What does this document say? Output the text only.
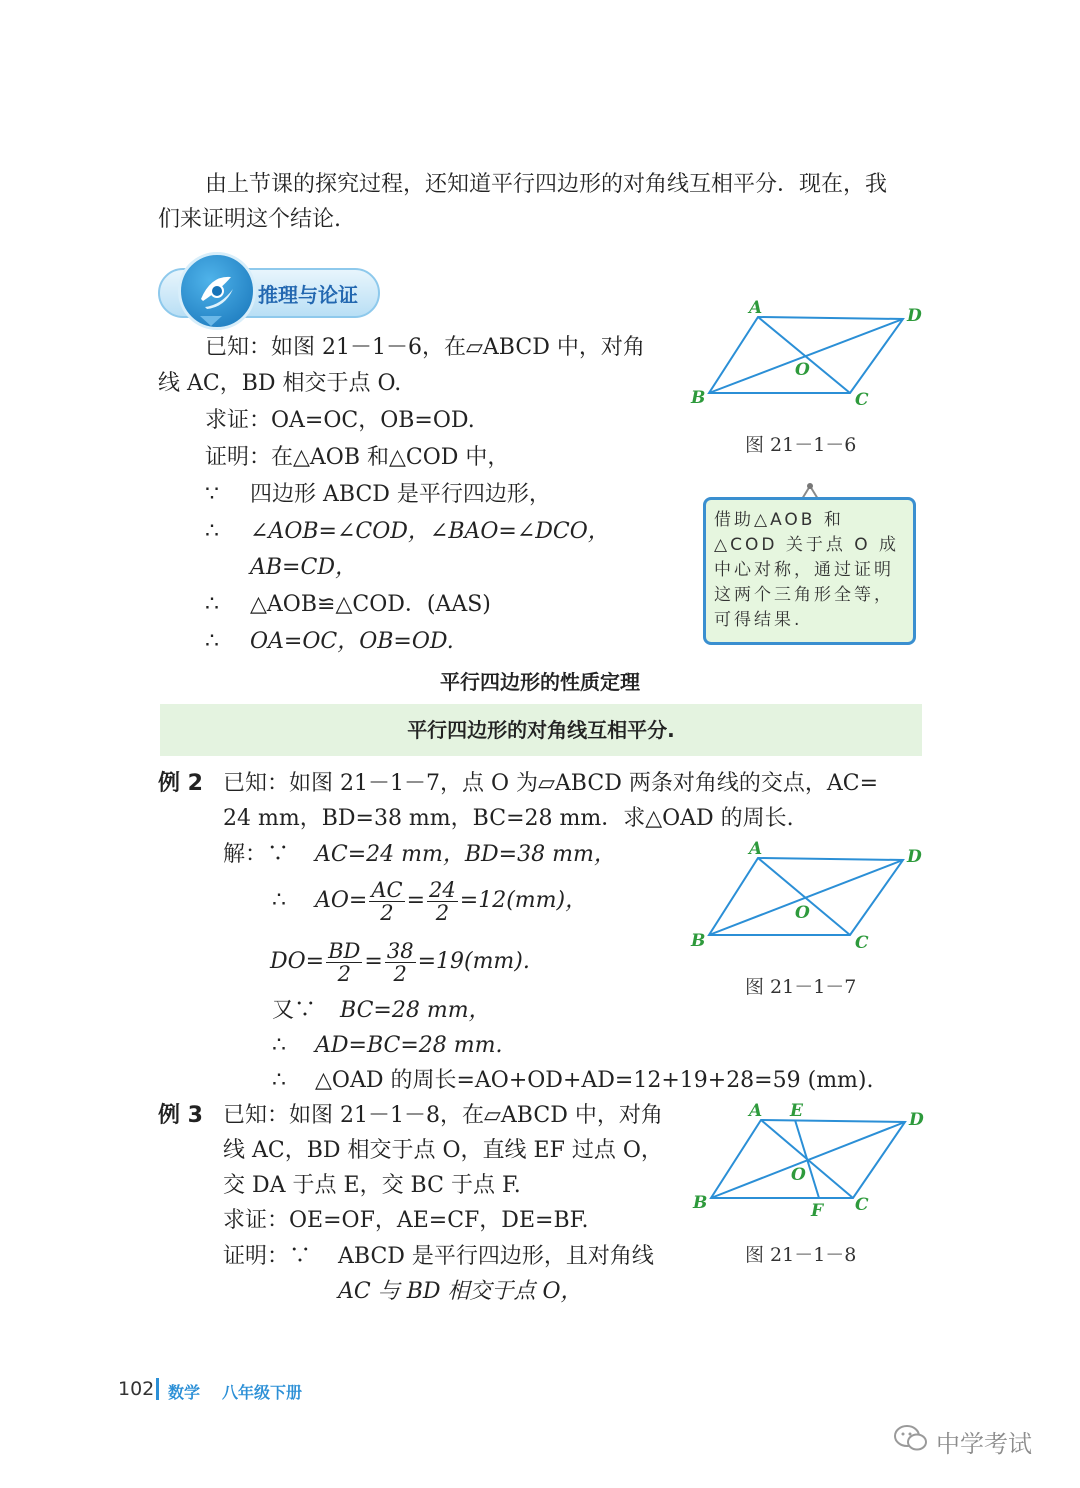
由上节课的探究过程，还知道平行四边形的对角线互相平分．现在，我
们来证明这个结论.
推理与论证
已知：如图 21－1－6，在▱ABCD 中，对角
线 AC，BD 相交于点 O.
求证：OA=OC，OB=OD.
证明：在△AOB 和△COD 中，
∵ 四边形 ABCD 是平行四边形，
∴ ∠AOB=∠COD，∠BAO=∠DCO，
AB=CD，
∴ △AOB≌△COD．(AAS)
∴ OA=OC，OB=OD.
A	D
B	C
O
图 21－1－6

借助△AOB 和△COD 关于点 O 成中心对称，通过证明这两个三角形全等，可得结果.

平行四边形的性质定理
平行四边形的对角线互相平分.
例 2 已知：如图 21－1－7，点 O 为▱ABCD 两条对角线的交点，AC=
24 mm，BD=38 mm，BC=28 mm．求△OAD 的周长.
解：∵ AC=24 mm，BD=38 mm，
∴ $AO= \frac{AC}{2} = \frac{24}{2} =12(mm)$，
$DO= \frac{BD}{2} = \frac{38}{2} =19(mm)$.
又∵ BC=28 mm，
∴ AD=BC=28 mm.
∴ △OAD 的周长=AO+OD+AD=12+19+28=59 (mm).
A	D
B	C
O
图 21－1－7
例 3 已知：如图 21－1－8，在▱ABCD 中，对角
线 AC，BD 相交于点 O，直线 EF 过点 O，
交 DA 于点 E，交 BC 于点 F.
求证：OE=OF，AE=CF，DE=BF.
证明：∵ ABCD 是平行四边形，且对角线
AC 与 BD 相交于点 O，
A E	D
B	F C
O
图 21－1－8
102 数学 八年级下册
中学考试
